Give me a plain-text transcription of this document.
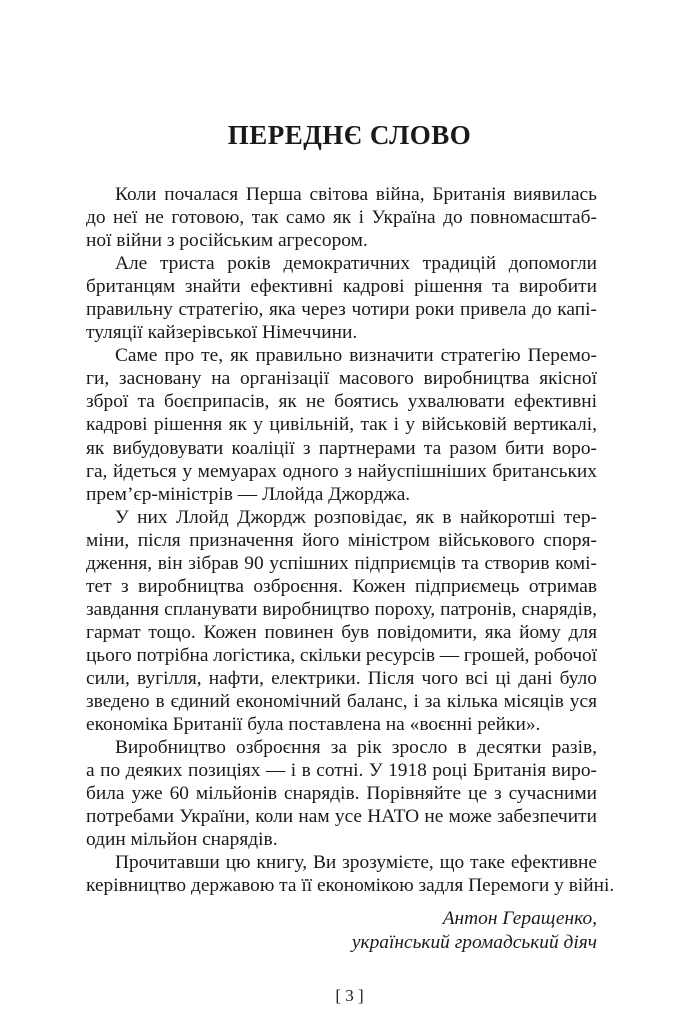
ПЕРЕДНЄ СЛОВО
Коли почалася Перша світова війна, Британія виявилась
до неї не готовою, так само як і Україна до повномасштаб-
ної війни з російським агресором.
Але триста років демократичних традицій допомогли
британцям знайти ефективні кадрові рішення та виробити
правильну стратегію, яка через чотири роки привела до капі-
туляції кайзерівської Німеччини.
Саме про те, як правильно визначити стратегію Перемо-
ги, засновану на організації масового виробництва якісної
зброї та боєприпасів, як не боятись ухвалювати ефективні
кадрові рішення як у цивільній, так і у військовій вертикалі,
як вибудовувати коаліції з партнерами та разом бити воро-
га, йдеться у мемуарах одного з найуспішніших британських
прем’єр-міністрів — Ллойда Джорджа.
У них Ллойд Джордж розповідає, як в найкоротші тер-
міни, після призначення його міністром військового споря-
дження, він зібрав 90 успішних підприємців та створив комі-
тет з виробництва озброєння. Кожен підприємець отримав
завдання спланувати виробництво пороху, патронів, снарядів,
гармат тощо. Кожен повинен був повідомити, яка йому для
цього потрібна логістика, скільки ресурсів — грошей, робочої
сили, вугілля, нафти, електрики. Після чого всі ці дані було
зведено в єдиний економічний баланс, і за кілька місяців уся
економіка Британії була поставлена на «воєнні рейки».
Виробництво озброєння за рік зросло в десятки разів,
а по деяких позиціях — і в сотні. У 1918 році Британія виро-
била уже 60 мільйонів снарядів. Порівняйте це з сучасними
потребами України, коли нам усе НАТО не може забезпечити
один мільйон снарядів.
Прочитавши цю книгу, Ви зрозумієте, що таке ефективне
керівництво державою та її економікою задля Перемоги у війні.
Антон Геращенко,
український громадський діяч
[ 3 ]
